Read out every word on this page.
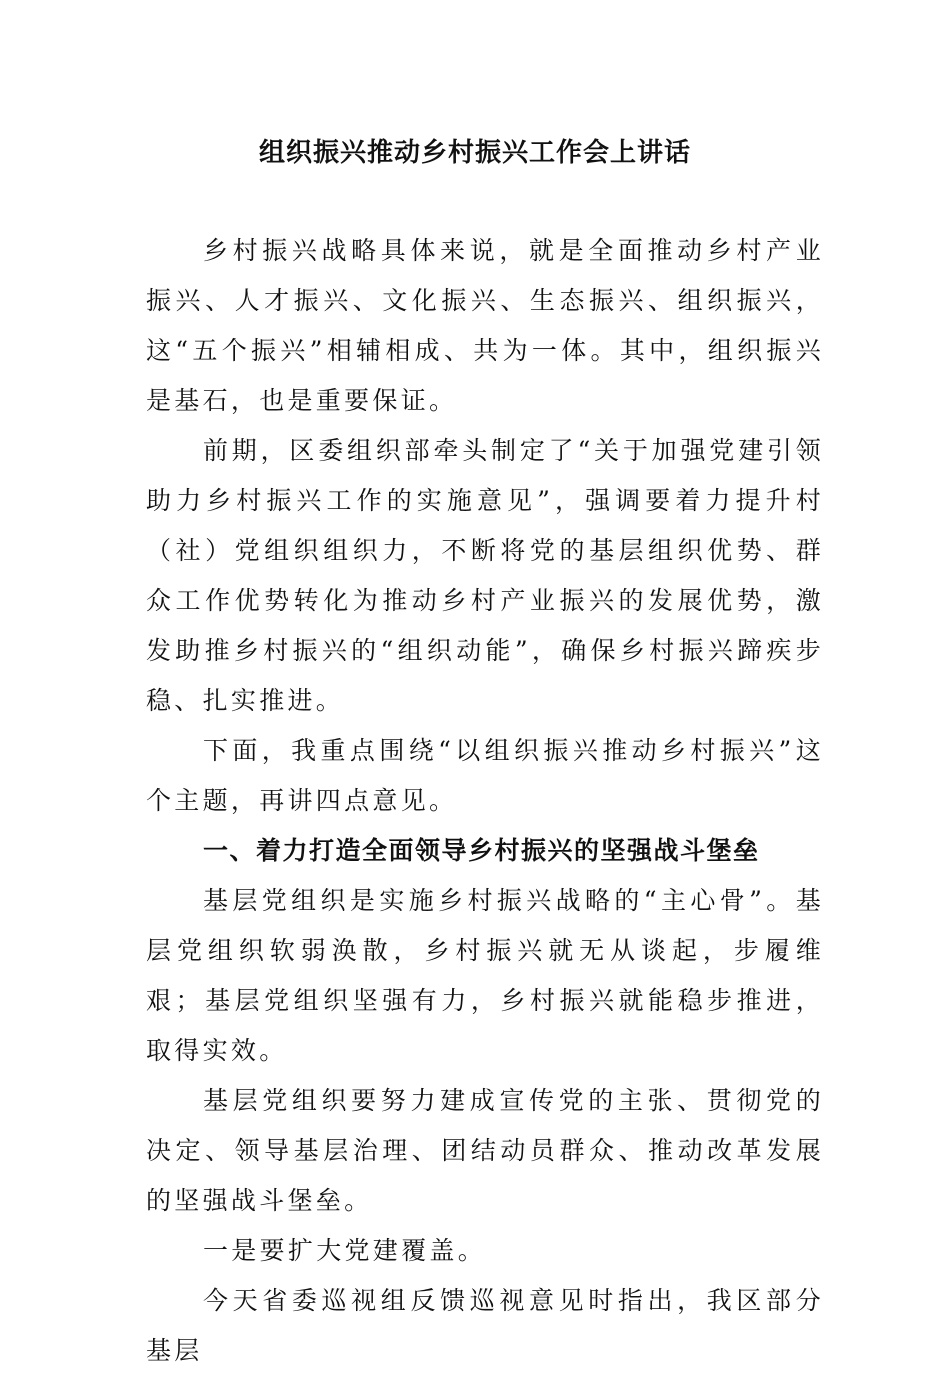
组织振兴推动乡村振兴工作会上讲话

乡村振兴战略具体来说，就是全面推动乡村产业振兴、人才振兴、文化振兴、生态振兴、组织振兴，这“五个振兴”相辅相成、共为一体。其中，组织振兴是基石，也是重要保证。

前期，区委组织部牵头制定了“关于加强党建引领助力乡村振兴工作的实施意见”，强调要着力提升村（社）党组织组织力，不断将党的基层组织优势、群众工作优势转化为推动乡村产业振兴的发展优势，激发助推乡村振兴的“组织动能”，确保乡村振兴蹄疾步稳、扎实推进。

下面，我重点围绕“以组织振兴推动乡村振兴”这个主题，再讲四点意见。

一、着力打造全面领导乡村振兴的坚强战斗堡垒

基层党组织是实施乡村振兴战略的“主心骨”。基层党组织软弱涣散，乡村振兴就无从谈起，步履维艰；基层党组织坚强有力，乡村振兴就能稳步推进，取得实效。

基层党组织要努力建成宣传党的主张、贯彻党的决定、领导基层治理、团结动员群众、推动改革发展的坚强战斗堡垒。

一是要扩大党建覆盖。

今天省委巡视组反馈巡视意见时指出，我区部分基层
